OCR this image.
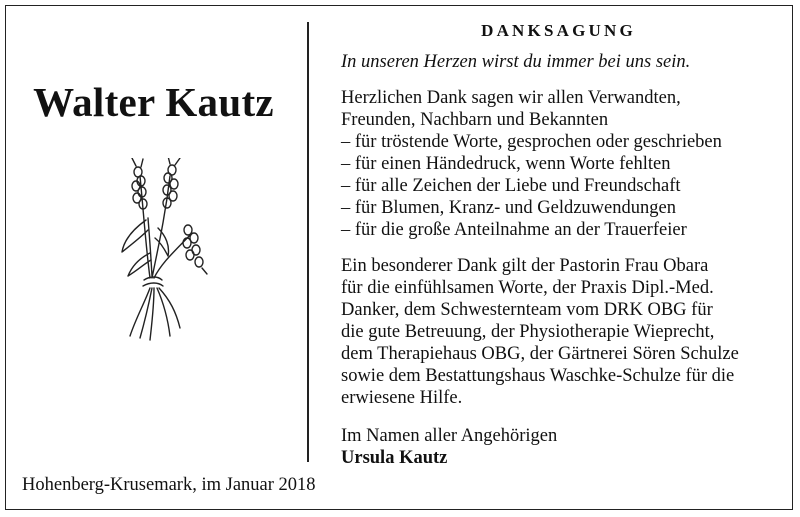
Walter Kautz
Hohenberg-Krusemark, im Januar 2018
DANKSAGUNG
In unseren Herzen wirst du immer bei uns sein.
Herzlichen Dank sagen wir allen Verwandten,
Freunden, Nachbarn und Bekannten
– für tröstende Worte, gesprochen oder geschrieben
– für einen Händedruck, wenn Worte fehlten
– für alle Zeichen der Liebe und Freundschaft
– für Blumen, Kranz- und Geldzuwendungen
– für die große Anteilnahme an der Trauerfeier
Ein besonderer Dank gilt der Pastorin Frau Obara
für die einfühlsamen Worte, der Praxis Dipl.-Med.
Danker, dem Schwesternteam vom DRK OBG für
die gute Betreuung, der Physiotherapie Wieprecht,
dem Therapiehaus OBG, der Gärtnerei Sören Schulze
sowie dem Bestattungshaus Waschke-Schulze für die
erwiesene Hilfe.
Im Namen aller Angehörigen
Ursula Kautz
